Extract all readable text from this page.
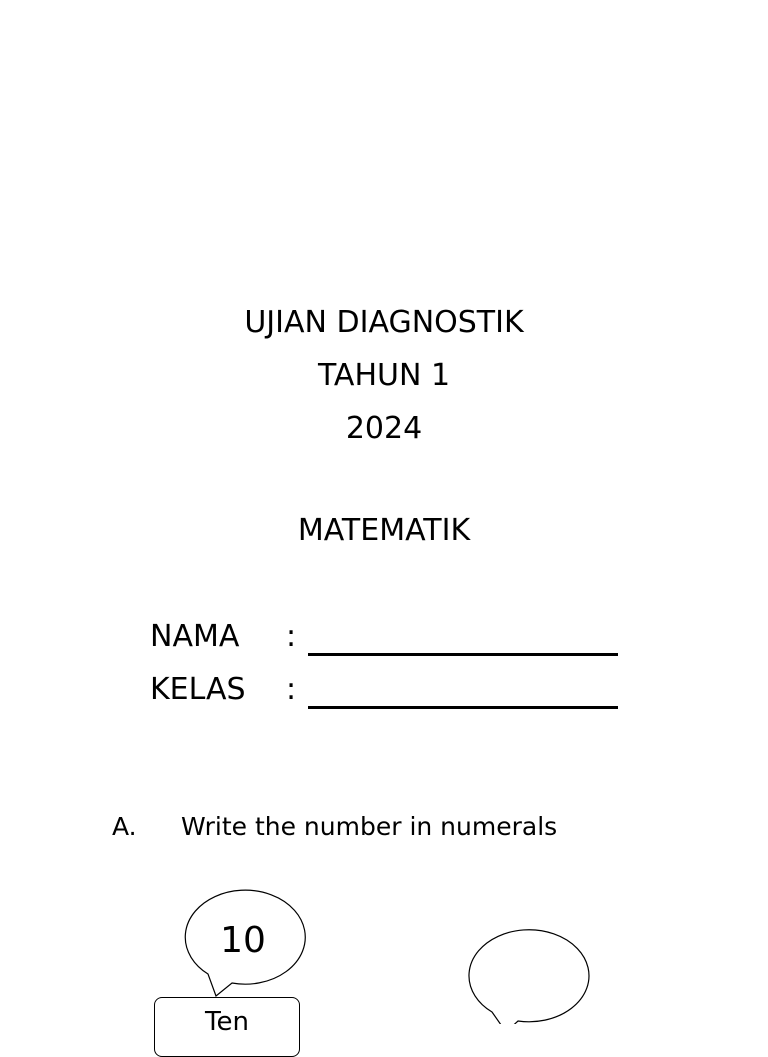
UJIAN DIAGNOSTIK
TAHUN 1
2024
MATEMATIK
NAMA :
KELAS :
A. Write the number in numerals
10
Ten
